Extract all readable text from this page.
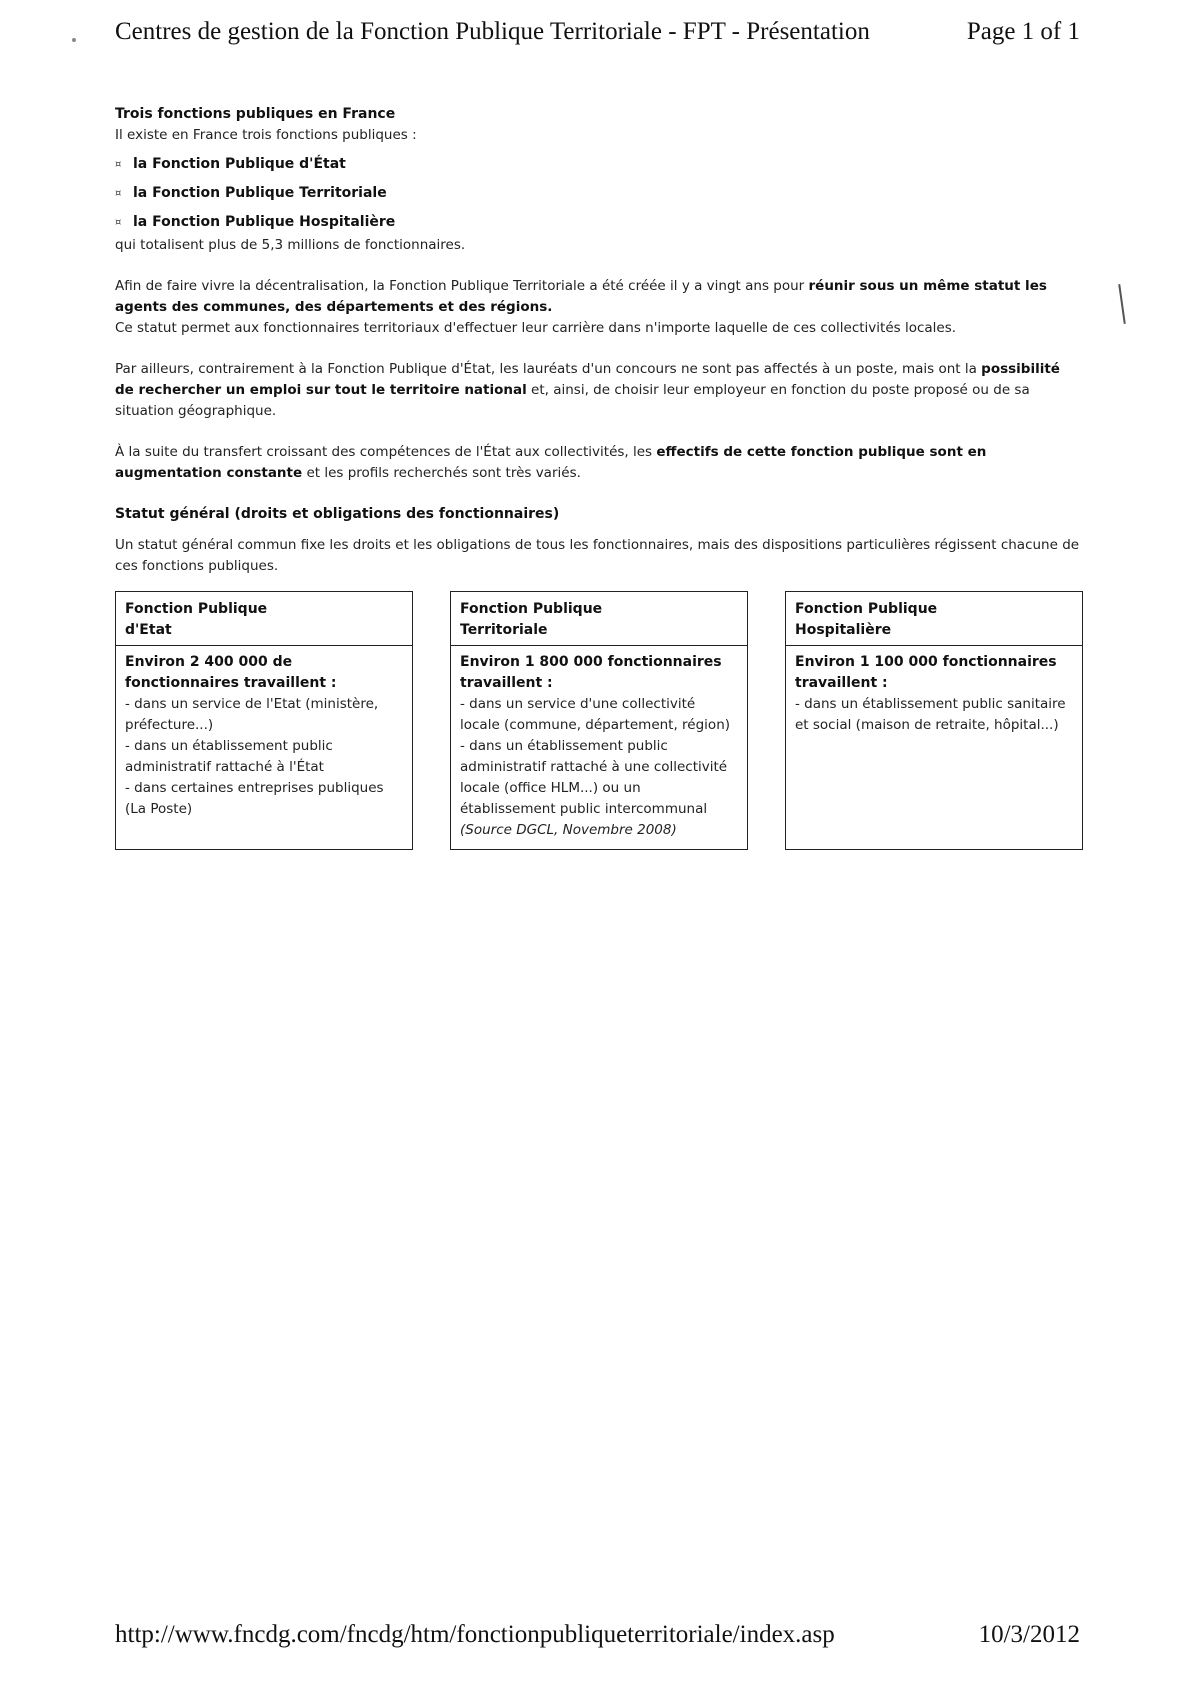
Centres de gestion de la Fonction Publique Territoriale - FPT - Présentation	Page 1 of 1

Trois fonctions publiques en France

Il existe en France trois fonctions publiques :

¤ la Fonction Publique d'État
¤ la Fonction Publique Territoriale
¤ la Fonction Publique Hospitalière

qui totalisent plus de 5,3 millions de fonctionnaires.

Afin de faire vivre la décentralisation, la Fonction Publique Territoriale a été créée il y a vingt ans pour réunir sous un même statut les agents des communes, des départements et des régions.

Ce statut permet aux fonctionnaires territoriaux d'effectuer leur carrière dans n'importe laquelle de ces collectivités locales.

Par ailleurs, contrairement à la Fonction Publique d'État, les lauréats d'un concours ne sont pas affectés à un poste, mais ont la possibilité de rechercher un emploi sur tout le territoire national et, ainsi, de choisir leur employeur en fonction du poste proposé ou de sa situation géographique.

À la suite du transfert croissant des compétences de l'État aux collectivités, les effectifs de cette fonction publique sont en augmentation constante et les profils recherchés sont très variés.

Statut général (droits et obligations des fonctionnaires)

Un statut général commun fixe les droits et les obligations de tous les fonctionnaires, mais des dispositions particulières régissent chacune de ces fonctions publiques.

Fonction Publique
d'Etat
Environ 2 400 000 de fonctionnaires travaillent :
- dans un service de l'Etat (ministère, préfecture...)
- dans un établissement public administratif rattaché à l'État
- dans certaines entreprises publiques (La Poste)
Fonction Publique
Territoriale
Environ 1 800 000 fonctionnaires travaillent :
- dans un service d'une collectivité locale (commune, département, région)
- dans un établissement public administratif rattaché à une collectivité locale (office HLM...) ou un établissement public intercommunal
(Source DGCL, Novembre 2008)
Fonction Publique
Hospitalière
Environ 1 100 000 fonctionnaires travaillent :
- dans un établissement public sanitaire et social (maison de retraite, hôpital...)
http://www.fncdg.com/fncdg/htm/fonctionpubliqueterritoriale/index.asp	10/3/2012
